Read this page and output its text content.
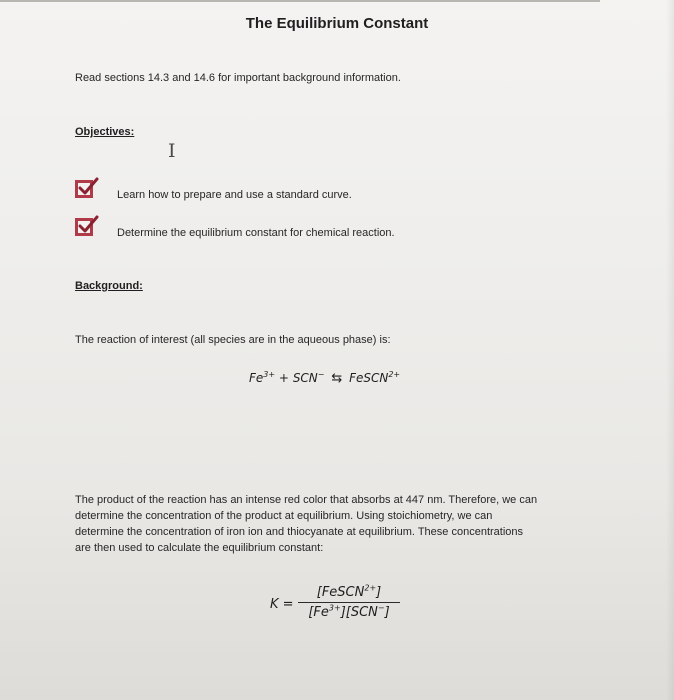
The Equilibrium Constant
Read sections 14.3 and 14.6 for important background information.
Objectives:
I
Learn how to prepare and use a standard curve.
Determine the equilibrium constant for chemical reaction.
Background:
The reaction of interest (all species are in the aqueous phase) is:
$Fe^{3+} + SCN^-$ ⇆ FeSCN$^{2+}$
The product of the reaction has an intense red color that absorbs at 447 nm. Therefore, we can
determine the concentration of the product at equilibrium. Using stoichiometry, we can
determine the concentration of iron ion and thiocyanate at equilibrium. These concentrations
are then used to calculate the equilibrium constant:
K =
[FeSCN$^{2+}$]
$[Fe^{3+}][SCN^-]$
